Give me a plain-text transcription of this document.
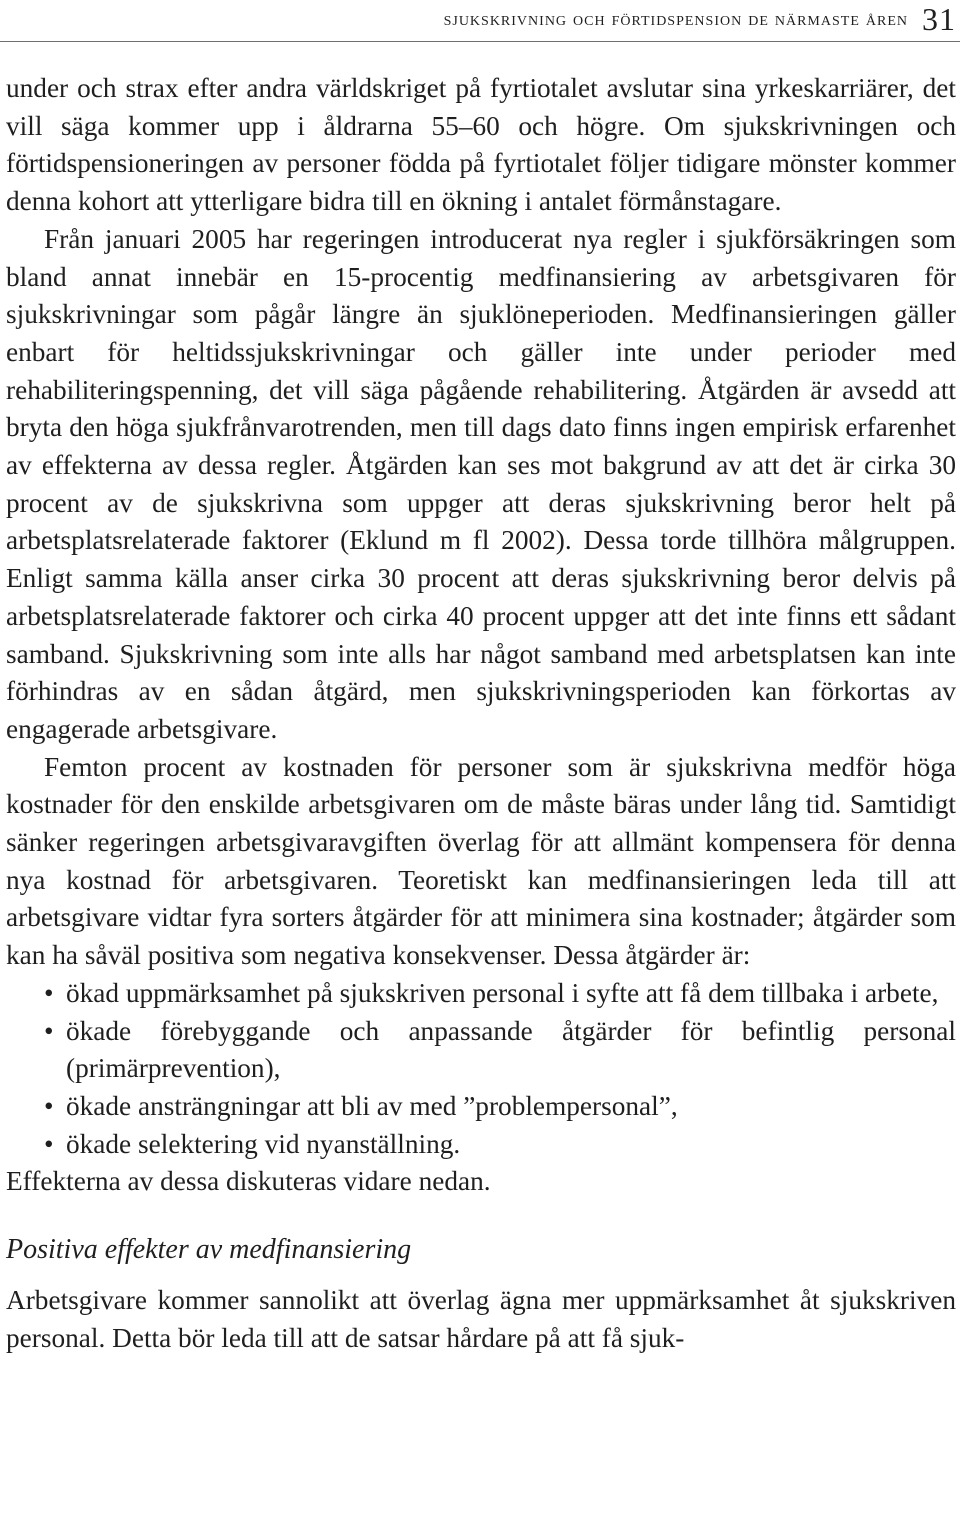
sjukskrivning och förtidspension de närmaste åren 31

under och strax efter andra världskriget på fyrtiotalet avslutar sina yrkeskarriärer, det vill säga kommer upp i åldrarna 55–60 och högre. Om sjukskrivningen och förtidspensioneringen av personer födda på fyrtiotalet följer tidigare mönster kommer denna kohort att ytterligare bidra till en ökning i antalet förmånstagare.

Från januari 2005 har regeringen introducerat nya regler i sjukförsäkringen som bland annat innebär en 15-procentig medfinansiering av arbetsgivaren för sjukskrivningar som pågår längre än sjuklöneperioden. Medfinansieringen gäller enbart för heltidssjukskrivningar och gäller inte under perioder med rehabiliteringspenning, det vill säga pågående rehabilitering. Åtgärden är avsedd att bryta den höga sjukfrånvarotrenden, men till dags dato finns ingen empirisk erfarenhet av effekterna av dessa regler. Åtgärden kan ses mot bakgrund av att det är cirka 30 procent av de sjukskrivna som uppger att deras sjukskrivning beror helt på arbetsplatsrelaterade faktorer (Eklund m fl 2002). Dessa torde tillhöra målgruppen. Enligt samma källa anser cirka 30 procent att deras sjukskrivning beror delvis på arbetsplatsrelaterade faktorer och cirka 40 procent uppger att det inte finns ett sådant samband. Sjukskrivning som inte alls har något samband med arbetsplatsen kan inte förhindras av en sådan åtgärd, men sjukskrivningsperioden kan förkortas av engagerade arbetsgivare.

Femton procent av kostnaden för personer som är sjukskrivna medför höga kostnader för den enskilde arbetsgivaren om de måste bäras under lång tid. Samtidigt sänker regeringen arbetsgivaravgiften överlag för att allmänt kompensera för denna nya kostnad för arbetsgivaren. Teoretiskt kan medfinansieringen leda till att arbetsgivare vidtar fyra sorters åtgärder för att minimera sina kostnader; åtgärder som kan ha såväl positiva som negativa konsekvenser. Dessa åtgärder är:

• ökad uppmärksamhet på sjukskriven personal i syfte att få dem tillbaka i arbete,
• ökade förebyggande och anpassande åtgärder för befintlig personal (primärprevention),
• ökade ansträngningar att bli av med ”problempersonal”,
• ökade selektering vid nyanställning.

Effekterna av dessa diskuteras vidare nedan.

Positiva effekter av medfinansiering

Arbetsgivare kommer sannolikt att överlag ägna mer uppmärksamhet åt sjukskriven personal. Detta bör leda till att de satsar hårdare på att få sjuk-
